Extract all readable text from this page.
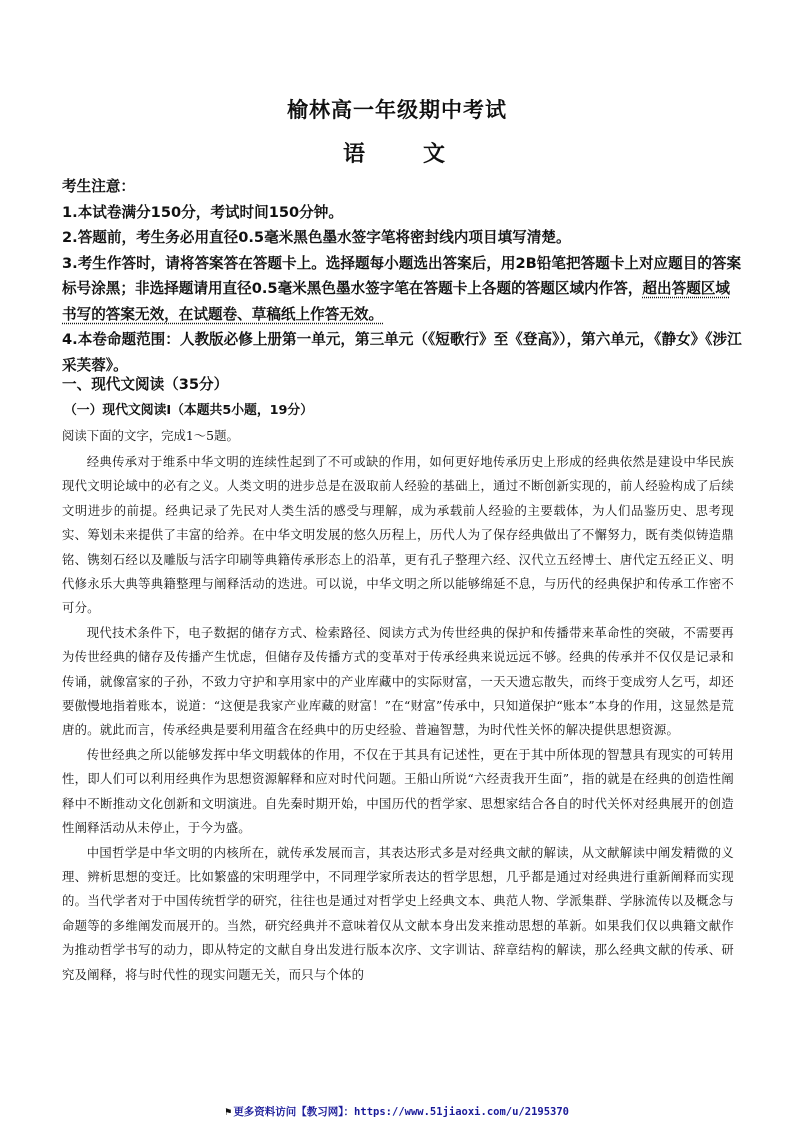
榆林高一年级期中考试
语　文

考生注意：

1.本试卷满分150分，考试时间150分钟。

2.答题前，考生务必用直径0.5毫米黑色墨水签字笔将密封线内项目填写清楚。

3.考生作答时，请将答案答在答题卡上。选择题每小题选出答案后，用2B铅笔把答题卡上对应题目的答案标号涂黑；非选择题请用直径0.5毫米黑色墨水签字笔在答题卡上各题的答题区域内作答，超出答题区域书写的答案无效，在试题卷、草稿纸上作答无效。

4.本卷命题范围：人教版必修上册第一单元，第三单元（《短歌行》至《登高》），第六单元，《静女》《涉江采芙蓉》。

一、现代文阅读（35分）
（一）现代文阅读Ⅰ（本题共5小题，19分）
阅读下面的文字，完成1～5题。

经典传承对于维系中华文明的连续性起到了不可或缺的作用，如何更好地传承历史上形成的经典依然是建设中华民族现代文明论域中的必有之义。人类文明的进步总是在汲取前人经验的基础上，通过不断创新实现的，前人经验构成了后续文明进步的前提。经典记录了先民对人类生活的感受与理解，成为承载前人经验的主要载体，为人们品鉴历史、思考现实、筹划未来提供了丰富的给养。在中华文明发展的悠久历程上，历代人为了保存经典做出了不懈努力，既有类似铸造鼎铭、镌刻石经以及雕版与活字印刷等典籍传承形态上的沿革，更有孔子整理六经、汉代立五经博士、唐代定五经正义、明代修永乐大典等典籍整理与阐释活动的迭进。可以说，中华文明之所以能够绵延不息，与历代的经典保护和传承工作密不可分。

现代技术条件下，电子数据的储存方式、检索路径、阅读方式为传世经典的保护和传播带来革命性的突破，不需要再为传世经典的储存及传播产生忧虑，但储存及传播方式的变革对于传承经典来说远远不够。经典的传承并不仅仅是记录和传诵，就像富家的子孙，不致力守护和享用家中的产业库藏中的实际财富，一天天遗忘散失，而终于变成穷人乞丐，却还要傲慢地指着账本，说道：“这便是我家产业库藏的财富！”在“财富”传承中，只知道保护“账本”本身的作用，这显然是荒唐的。就此而言，传承经典是要利用蕴含在经典中的历史经验、普遍智慧，为时代性关怀的解决提供思想资源。

传世经典之所以能够发挥中华文明载体的作用，不仅在于其具有记述性，更在于其中所体现的智慧具有现实的可转用性，即人们可以利用经典作为思想资源解释和应对时代问题。王船山所说“六经责我开生面”，指的就是在经典的创造性阐释中不断推动文化创新和文明演进。自先秦时期开始，中国历代的哲学家、思想家结合各自的时代关怀对经典展开的创造性阐释活动从未停止，于今为盛。

中国哲学是中华文明的内核所在，就传承发展而言，其表达形式多是对经典文献的解读，从文献解读中阐发精微的义理、辨析思想的变迁。比如繁盛的宋明理学中，不同理学家所表达的哲学思想，几乎都是通过对经典进行重新阐释而实现的。当代学者对于中国传统哲学的研究，往往也是通过对哲学史上经典文本、典范人物、学派集群、学脉流传以及概念与命题等的多维阐发而展开的。当然，研究经典并不意味着仅从文献本身出发来推动思想的革新。如果我们仅以典籍文献作为推动哲学书写的动力，即从特定的文献自身出发进行版本次序、文字训诂、辞章结构的解读，那么经典文献的传承、研究及阐释，将与时代性的现实问题无关，而只与个体的

⚑ 更多资料访问【教习网】：https://www.51jiaoxi.com/u/2195370
